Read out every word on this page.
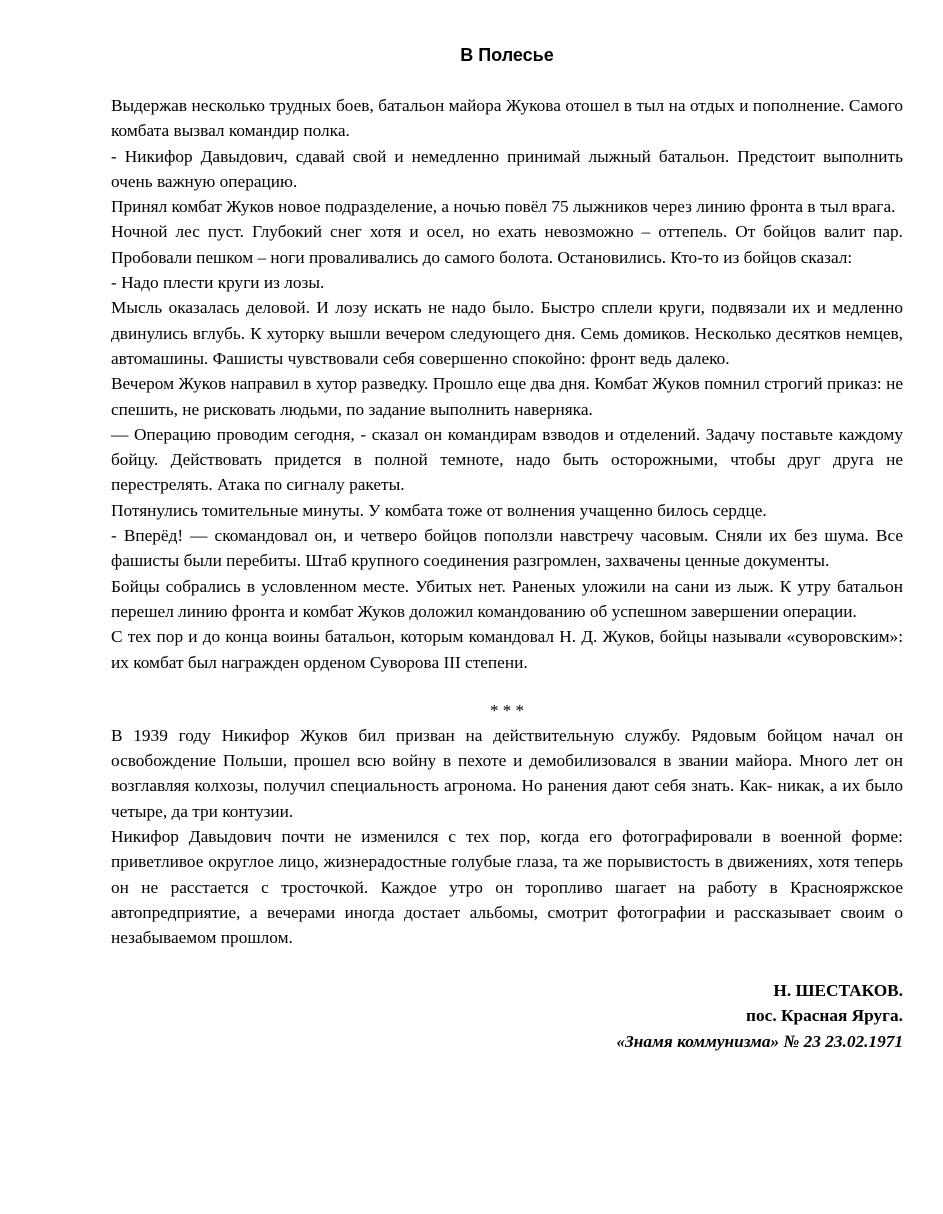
В Полесье

Выдержав несколько трудных боев, батальон майора Жукова отошел в тыл на отдых и пополнение. Самого комбата вызвал командир полка.

- Никифор Давыдович, сдавай свой и немедленно принимай лыжный батальон. Предстоит выполнить очень важную операцию.

Принял комбат Жуков новое подразделение, а ночью повёл 75 лыжников через линию фронта в тыл врага.

Ночной лес пуст. Глубокий снег хотя и осел, но ехать невозможно – оттепель. От бойцов валит пар. Пробовали пешком – ноги проваливались до самого болота. Остановились. Кто-то из бойцов сказал:

- Надо плести круги из лозы.

Мысль оказалась деловой. И лозу искать не надо было. Быстро сплели круги, подвязали их и медленно двинулись вглубь. К хуторку вышли вечером следующего дня. Семь домиков. Несколько десятков немцев, автомашины. Фашисты чувствовали себя совершенно спокойно: фронт ведь далеко.

Вечером Жуков направил в хутор разведку. Прошло еще два дня. Комбат Жуков помнил строгий приказ: не спешить, не рисковать людьми, по задание выполнить наверняка.

— Операцию проводим сегодня, - сказал он командирам взводов и отделений. Задачу поставьте каждому бойцу. Действовать придется в полной темноте, надо быть осторожными, чтобы друг друга не перестрелять. Атака по сигналу ракеты.

Потянулись томительные минуты. У комбата тоже от волнения учащенно билось сердце.

- Вперёд! — скомандовал он, и четверо бойцов поползли навстречу часовым. Сняли их без шума. Все фашисты были перебиты. Штаб крупного соединения разгромлен, захвачены ценные документы.

Бойцы собрались в условленном месте. Убитых нет. Раненых уложили на сани из лыж. К утру батальон перешел линию фронта и комбат Жуков доложил командованию об успешном завершении операции.

С тех пор и до конца воины батальон, которым командовал Н. Д. Жуков, бойцы называли «суворовским»: их комбат был награжден орденом Суворова III степени.

* * *

В 1939 году Никифор Жуков бил призван на действительную службу. Рядовым бойцом начал он освобождение Польши, прошел всю войну в пехоте и демобилизовался в звании майора. Много лет он возглавляя колхозы, получил специальность агронома. Но ранения дают себя знать. Как- никак, а их было четыре, да три контузии.

Никифор Давыдович почти не изменился с тех пор, когда его фотографировали в военной форме: приветливое округлое лицо, жизнерадостные голубые глаза, та же порывистость в движениях, хотя теперь он не расстается с тросточкой. Каждое утро он торопливо шагает на работу в Краснояржское автопредприятие, а вечерами иногда достает альбомы, смотрит фотографии и рассказывает своим о незабываемом прошлом.

Н. ШЕСТАКОВ.
пос. Красная Яруга.
«Знамя коммунизма» № 23 23.02.1971
